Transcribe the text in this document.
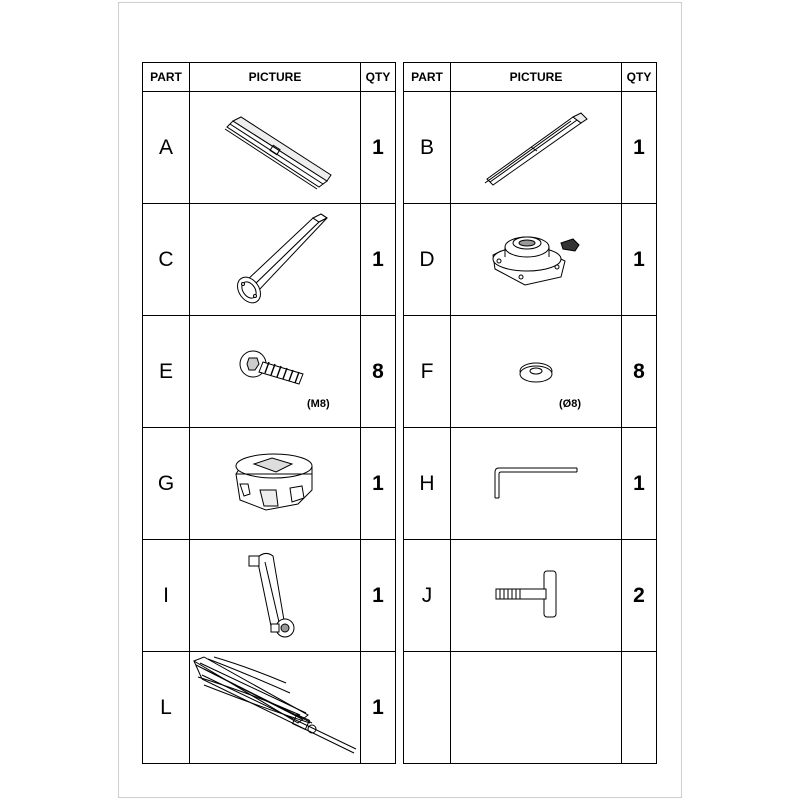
PART	PICTURE	QTY
A		1
C		1
E	(M8)	8
G		1
I		1
L		1
PART	PICTURE	QTY
B		1
D		1
F	(Ø8)	8
H		1
J		2
